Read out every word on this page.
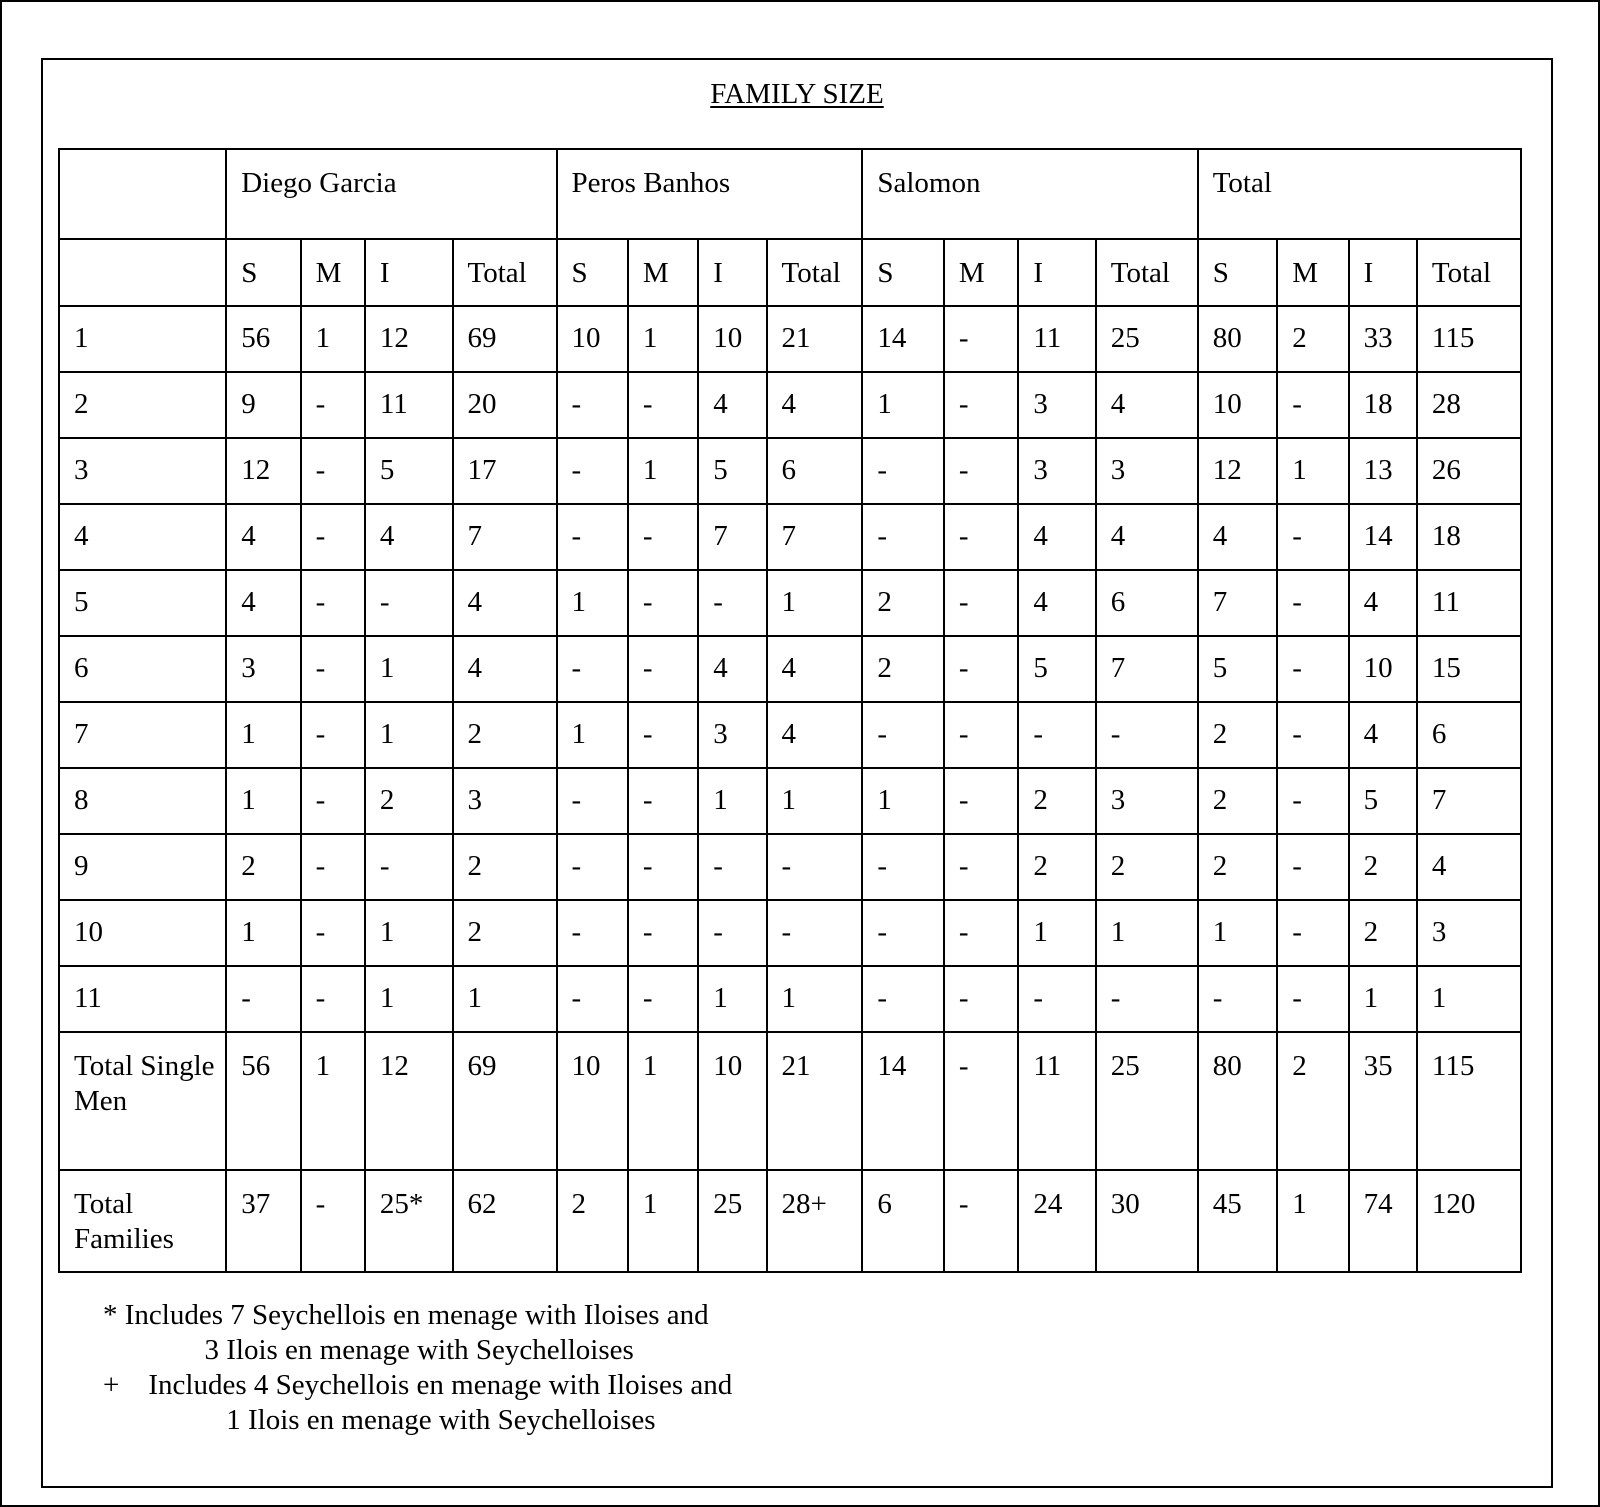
FAMILY SIZE
	Diego Garcia				Peros Banhos				Salomon				Total			
	S	M	I	Total	S	M	I	Total	S	M	I	Total	S	M	I	Total
1	56	1	12	69	10	1	10	21	14	-	11	25	80	2	33	115
2	9	-	11	20	-	-	4	4	1	-	3	4	10	-	18	28
3	12	-	5	17	-	1	5	6	-	-	3	3	12	1	13	26
4	4	-	4	7	-	-	7	7	-	-	4	4	4	-	14	18
5	4	-	-	4	1	-	-	1	2	-	4	6	7	-	4	11
6	3	-	1	4	-	-	4	4	2	-	5	7	5	-	10	15
7	1	-	1	2	1	-	3	4	-	-	-	-	2	-	4	6
8	1	-	2	3	-	-	1	1	1	-	2	3	2	-	5	7
9	2	-	-	2	-	-	-	-	-	-	2	2	2	-	2	4
10	1	-	1	2	-	-	-	-	-	-	1	1	1	-	2	3
11	-	-	1	1	-	-	1	1	-	-	-	-	-	-	1	1
Total Single Men	56	1	12	69	10	1	10	21	14	-	11	25	80	2	35	115
Total Families	37	-	25*	62	2	1	25	28+	6	-	24	30	45	1	74	120
* Includes 7 Seychellois en menage with Iloises and
3 Ilois en menage with Seychelloises
+    Includes 4 Seychellois en menage with Iloises and
1 Ilois en menage with Seychelloises
